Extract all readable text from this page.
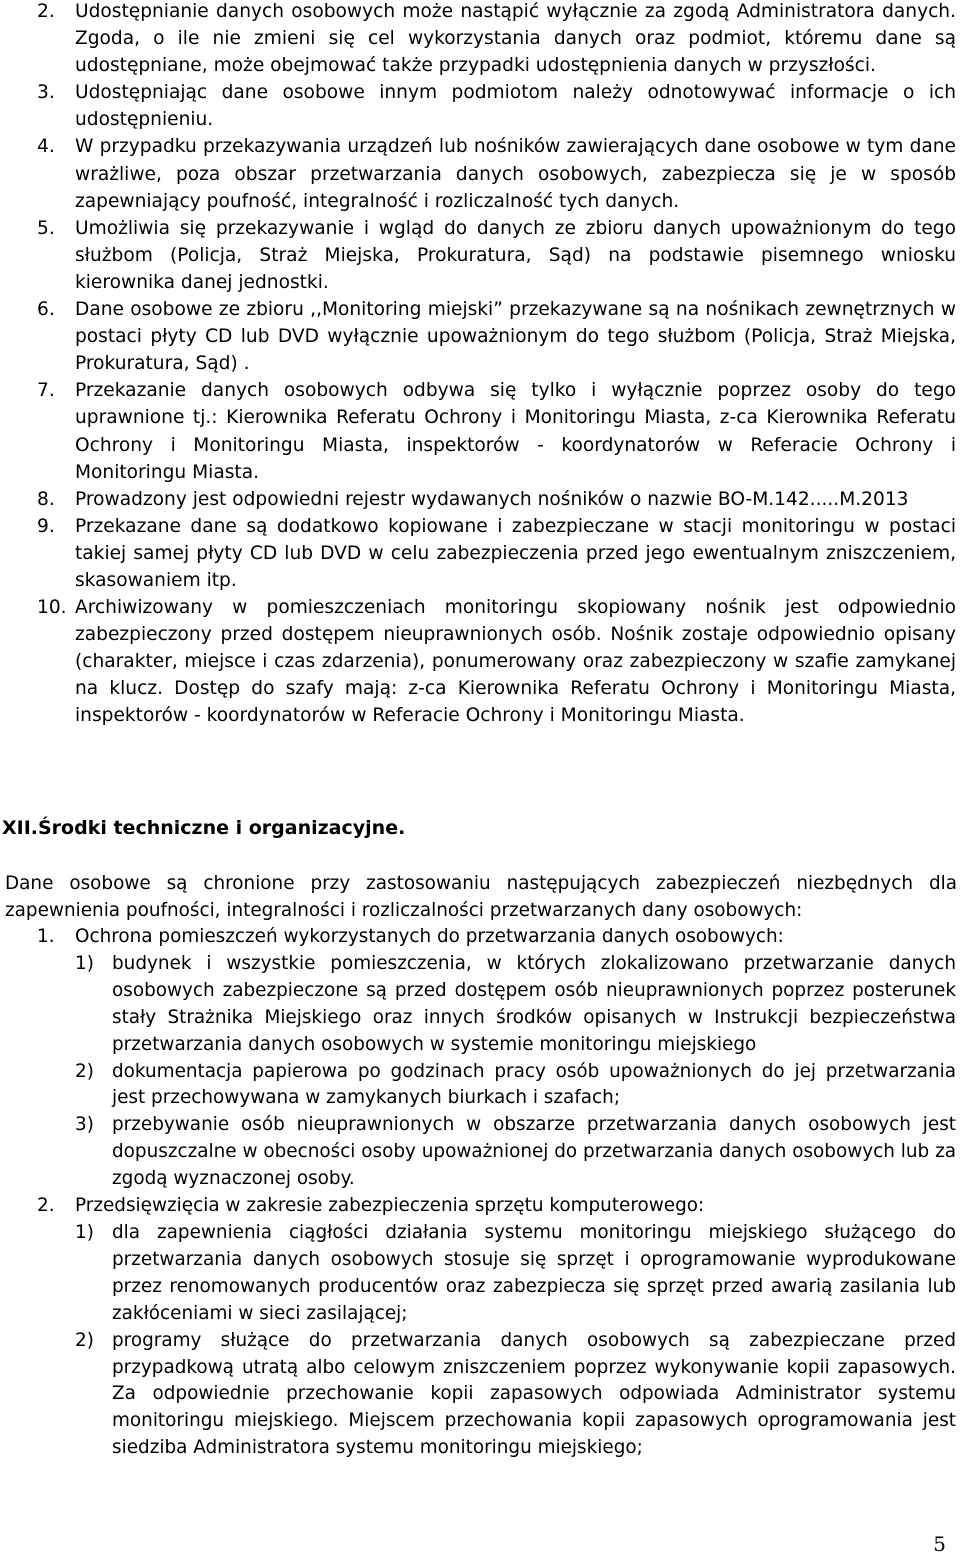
2.	Udostępnianie danych osobowych może nastąpić wyłącznie za zgodą Administratora danych. Zgoda, o ile nie zmieni się cel wykorzystania danych oraz podmiot, któremu dane są udostępniane, może obejmować także przypadki udostępnienia danych w przyszłości.
3.	Udostępniając dane osobowe innym podmiotom należy odnotowywać informacje o ich udostępnieniu.
4.	W przypadku przekazywania urządzeń lub nośników zawierających dane osobowe w tym dane wrażliwe, poza obszar przetwarzania danych osobowych, zabezpiecza się je w sposób zapewniający poufność, integralność i rozliczalność tych danych.
5.	Umożliwia się przekazywanie i wgląd do danych ze zbioru danych upoważnionym do tego służbom (Policja, Straż Miejska, Prokuratura, Sąd) na podstawie pisemnego wniosku kierownika danej jednostki.
6.	Dane osobowe ze zbioru ,,Monitoring miejski” przekazywane są na nośnikach zewnętrznych w postaci płyty CD lub DVD wyłącznie upoważnionym do tego służbom (Policja, Straż Miejska, Prokuratura, Sąd) .
7.	Przekazanie danych osobowych odbywa się tylko i wyłącznie poprzez osoby do tego uprawnione tj.: Kierownika Referatu Ochrony i Monitoringu Miasta, z-ca Kierownika Referatu Ochrony i Monitoringu Miasta, inspektorów - koordynatorów w Referacie Ochrony i Monitoringu Miasta.
8.	Prowadzony jest odpowiedni rejestr wydawanych nośników o nazwie BO-M.142.....M.2013
9.	Przekazane dane są dodatkowo kopiowane i zabezpieczane w stacji monitoringu w postaci takiej samej płyty CD lub DVD w celu zabezpieczenia przed jego ewentualnym zniszczeniem, skasowaniem itp.
10. Archiwizowany w pomieszczeniach monitoringu skopiowany nośnik jest odpowiednio zabezpieczony przed dostępem nieuprawnionych osób. Nośnik zostaje odpowiednio opisany (charakter, miejsce i czas zdarzenia), ponumerowany oraz zabezpieczony w szafie zamykanej na klucz. Dostęp do szafy mają: z-ca Kierownika Referatu Ochrony i Monitoringu Miasta, inspektorów - koordynatorów w Referacie Ochrony i Monitoringu Miasta.
XII.Środki techniczne i organizacyjne.
Dane osobowe są chronione przy zastosowaniu następujących zabezpieczeń niezbędnych dla zapewnienia poufności, integralności i rozliczalności przetwarzanych dany osobowych:
1.	Ochrona pomieszczeń wykorzystanych do przetwarzania danych osobowych:
1) budynek i wszystkie pomieszczenia, w których zlokalizowano przetwarzanie danych osobowych zabezpieczone są przed dostępem osób nieuprawnionych poprzez posterunek stały Strażnika Miejskiego oraz innych środków opisanych w Instrukcji bezpieczeństwa przetwarzania danych osobowych w systemie monitoringu miejskiego
2) dokumentacja papierowa po godzinach pracy osób upoważnionych do jej przetwarzania jest przechowywana w zamykanych biurkach i szafach;
3) przebywanie osób nieuprawnionych w obszarze przetwarzania danych osobowych jest dopuszczalne w obecności osoby upoważnionej do przetwarzania danych osobowych lub za zgodą wyznaczonej osoby.
2.	Przedsięwzięcia w zakresie zabezpieczenia sprzętu komputerowego:
1) dla zapewnienia ciągłości działania systemu monitoringu miejskiego służącego do przetwarzania danych osobowych stosuje się sprzęt i oprogramowanie wyprodukowane przez renomowanych producentów oraz zabezpiecza się sprzęt przed awarią zasilania lub zakłóceniami w sieci zasilającej;
2) programy służące do przetwarzania danych osobowych są zabezpieczane przed przypadkową utratą albo celowym zniszczeniem poprzez wykonywanie kopii zapasowych. Za odpowiednie przechowanie kopii zapasowych odpowiada Administrator systemu monitoringu miejskiego. Miejscem przechowania kopii zapasowych oprogramowania jest siedziba Administratora systemu monitoringu miejskiego;
5
